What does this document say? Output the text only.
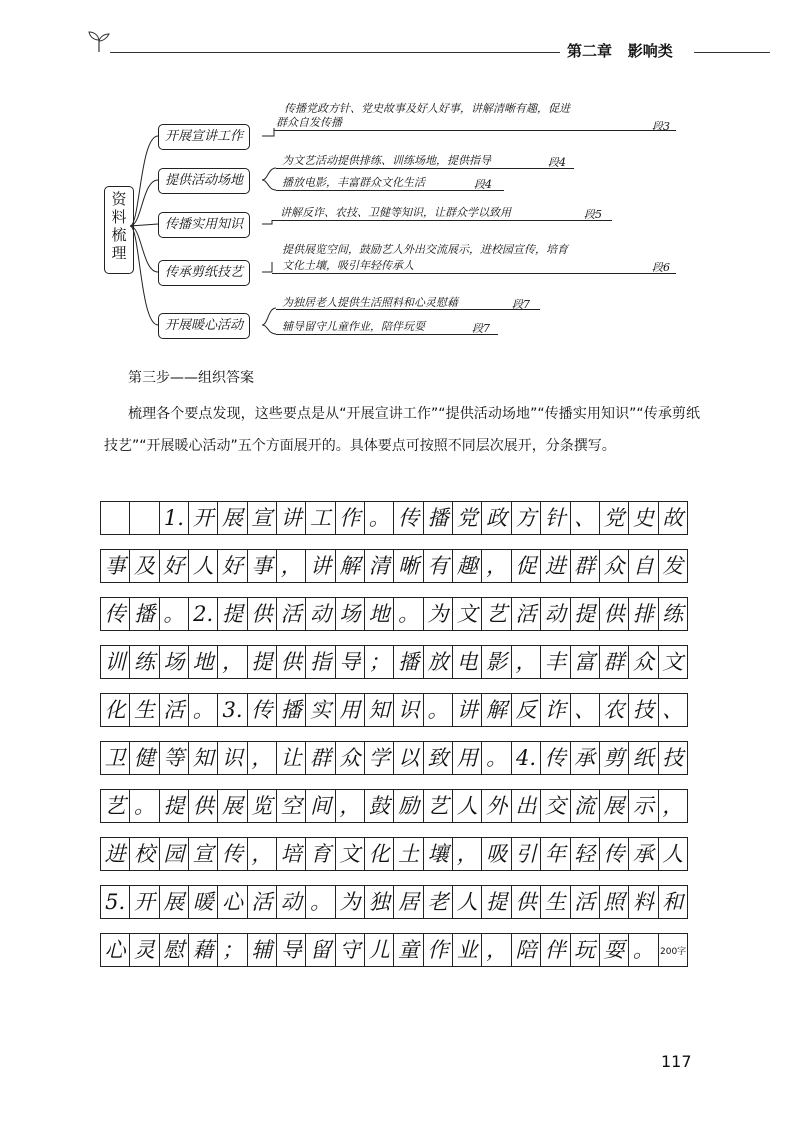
第二章 影响类
资
料
梳
理
开展宣讲工作
传播党政方针、党史故事及好人好事，讲解清晰有趣，促进
群众自发传播	段3
提供活动场地
为文艺活动提供排练、训练场地，提供指导	段4
播放电影，丰富群众文化生活	段4
传播实用知识
讲解反诈、农技、卫健等知识，让群众学以致用	段5
传承剪纸技艺
提供展览空间，鼓励艺人外出交流展示，进校园宣传，培育
文化土壤，吸引年轻传承人	段6
开展暖心活动
为独居老人提供生活照料和心灵慰藉	段7
辅导留守儿童作业，陪伴玩耍	段7
第三步——组织答案
梳理各个要点发现，这些要点是从“开展宣讲工作”“提供活动场地”“传播实用知识”“传承剪纸技艺”“开展暖心活动”五个方面展开的。具体要点可按照不同层次展开，分条撰写。
1. 开 展 宣 讲 工 作 。 传 播 党 政 方 针 、 党 史 故
事 及 好 人 好 事 ， 讲 解 清 晰 有 趣 ， 促 进 群 众 自 发
传 播 。 2. 提 供 活 动 场 地 。 为 文 艺 活 动 提 供 排 练
训 练 场 地 ， 提 供 指 导 ； 播 放 电 影 ， 丰 富 群 众 文
化 生 活 。 3. 传 播 实 用 知 识 。 讲 解 反 诈 、 农 技 、
卫 健 等 知 识 ， 让 群 众 学 以 致 用 。 4. 传 承 剪 纸 技
艺 。 提 供 展 览 空 间 ， 鼓 励 艺 人 外 出 交 流 展 示 ，
进 校 园 宣 传 ， 培 育 文 化 土 壤 ， 吸 引 年 轻 传 承 人
5. 开 展 暖 心 活 动 。 为 独 居 老 人 提 供 生 活 照 料 和
心 灵 慰 藉 ； 辅 导 留 守 儿 童 作 业 ， 陪 伴 玩 耍 。 200字
117
